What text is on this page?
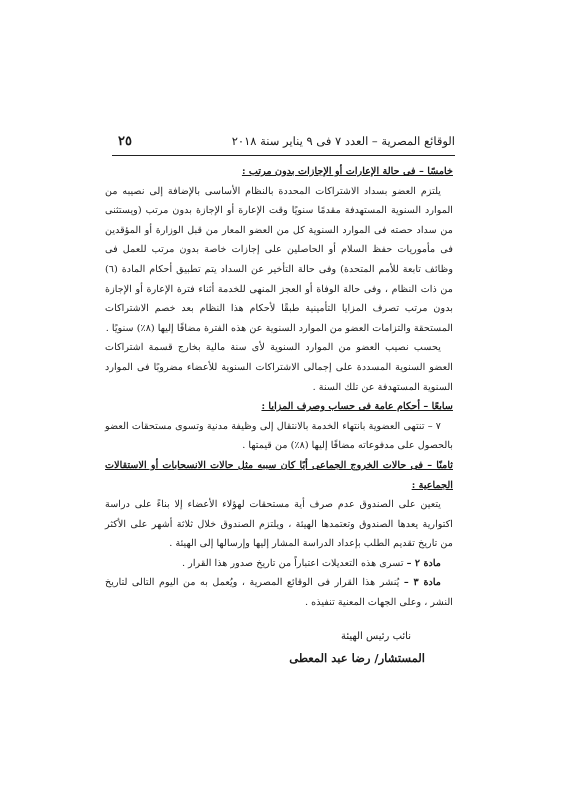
٢٥	الوقائع المصرية – العدد ٧ فى ٩ يناير سنة ٢٠١٨

خامسًا – فى حالة الإعارات أو الإجازات بدون مرتب :

يلتزم العضو بسداد الاشتراكات المحددة بالنظام الأساسى بالإضافة إلى نصيبه من الموارد السنوية المستهدفة مقدمًا سنويًا وقت الإعارة أو الإجازة بدون مرتب (ويستثنى من سداد حصته فى الموارد السنوية كل من العضو المعار من قبل الوزارة أو المؤقدين فى مأموريات حفظ السلام أو الحاصلين على إجازات خاصة بدون مرتب للعمل فى وظائف تابعة للأمم المتحدة) وفى حالة التأخير عن السداد يتم تطبيق أحكام المادة (٦) من ذات النظام ، وفى حالة الوفاة أو العجز المنهى للخدمة أثناء فترة الإعارة أو الإجازة بدون مرتب تصرف المزايا التأمينية طبقًا لأحكام هذا النظام بعد خصم الاشتراكات المستحقة والتزامات العضو من الموارد السنوية عن هذه الفترة مضافًا إليها (٨٪) سنويًا .

يحسب نصيب العضو من الموارد السنوية لأى سنة مالية بخارج قسمة اشتراكات العضو السنوية المسددة على إجمالى الاشتراكات السنوية للأعضاء مضروبًا فى الموارد السنوية المستهدفة عن تلك السنة .

سابعًا – أحكام عامة فى حساب وصرف المزايا :

٧ – تنتهى العضوية بانتهاء الخدمة بالانتقال إلى وظيفة مدنية وتسوى مستحقات العضو بالحصول على مدفوعاته مضافًا إليها (٨٪) من قيمتها .

ثامنًا – فى حالات الخروج الجماعى أيًا كان سببه مثل حالات الانسحابات أو الاستقالات الجماعية :

يتعين على الصندوق عدم صرف أية مستحقات لهؤلاء الأعضاء إلا بناءً على دراسة اكتوارية يعدها الصندوق وتعتمدها الهيئة ، ويلتزم الصندوق خلال ثلاثة أشهر على الأكثر من تاريخ تقديم الطلب بإعداد الدراسة المشار إليها وإرسالها إلى الهيئة .

مادة ٢ – تسرى هذه التعديلات اعتباراً من تاريخ صدور هذا القرار .

مادة ٣ – يُنشر هذا القرار فى الوقائع المصرية ، ويُعمل به من اليوم التالى لتاريخ النشر ، وعلى الجهات المعنية تنفيذه .

نائب رئيس الهيئة
المستشار/ رضا عبد المعطى
